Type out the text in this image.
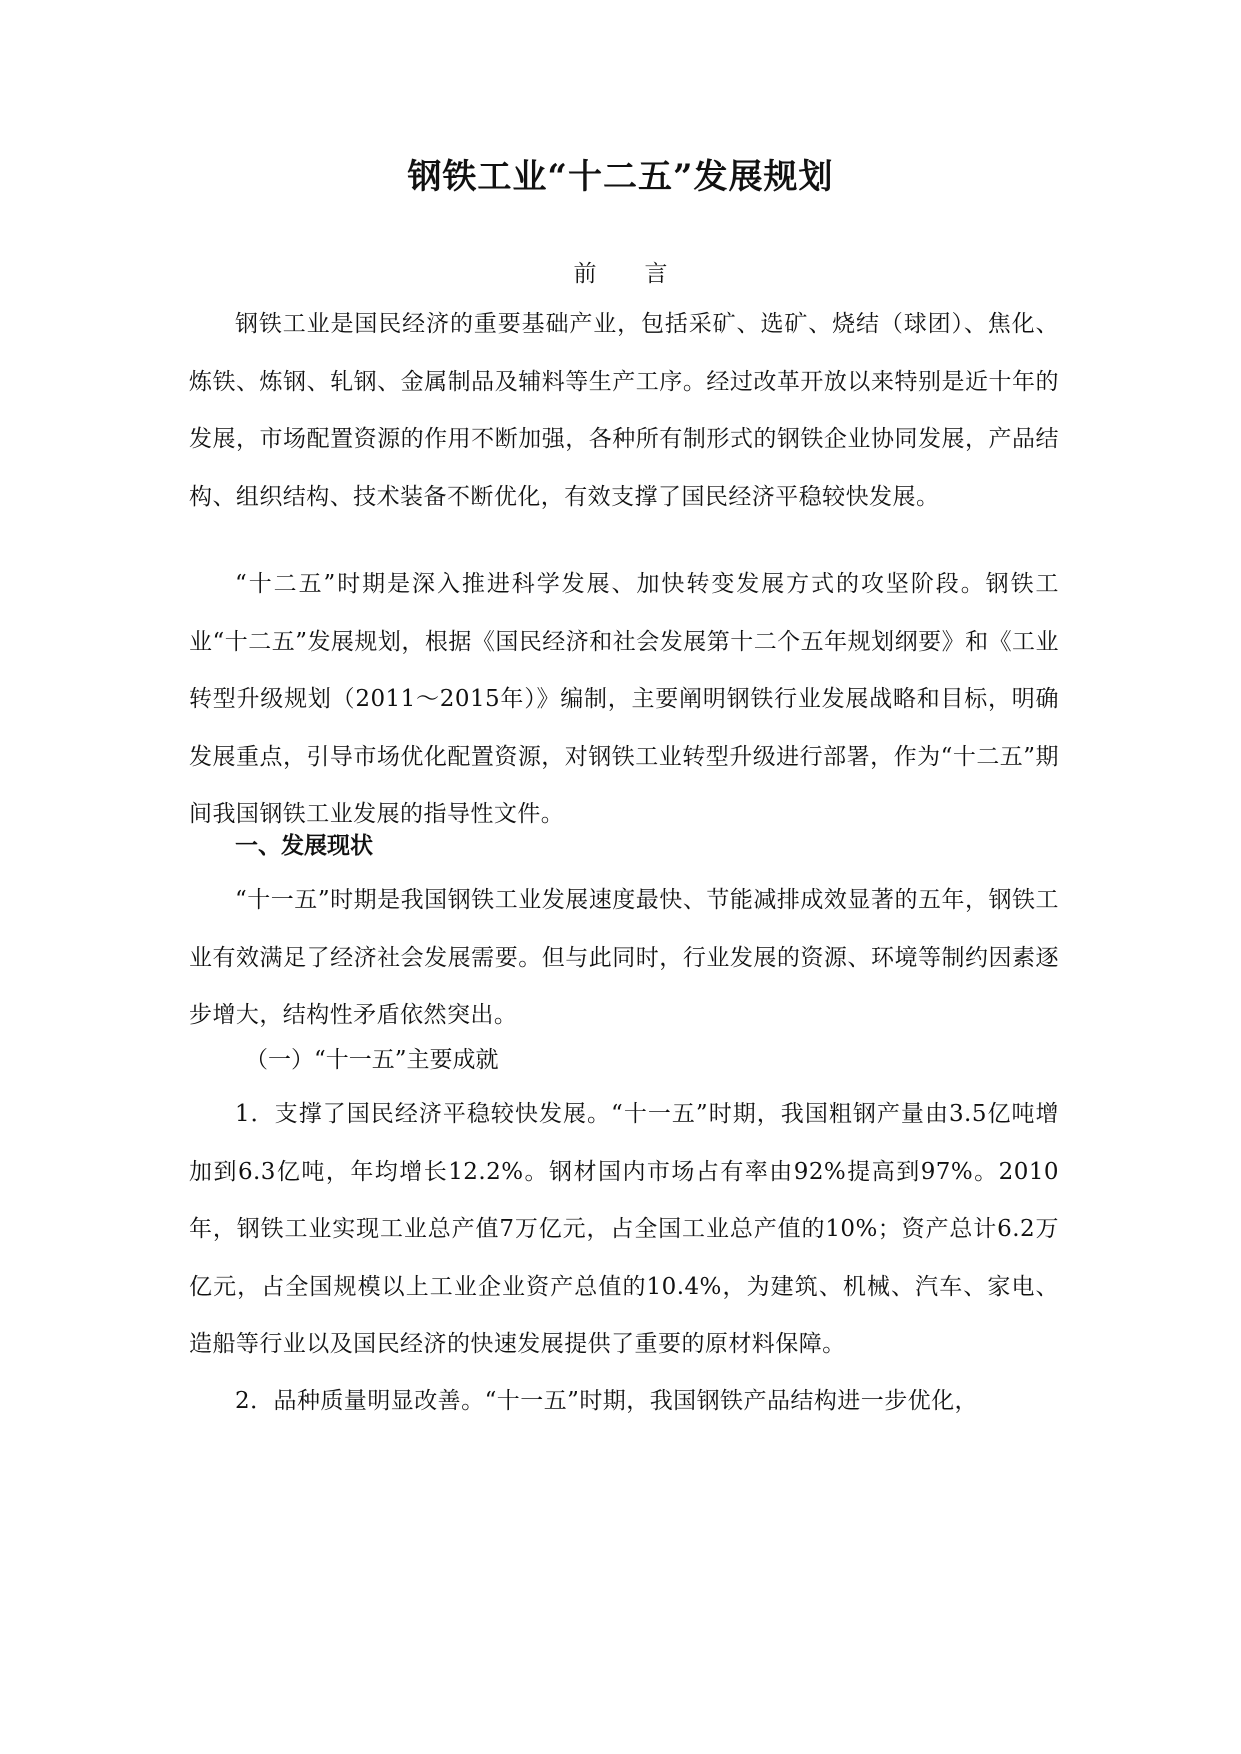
钢铁工业“十二五”发展规划
前言

钢铁工业是国民经济的重要基础产业，包括采矿、选矿、烧结（球团）、焦化、炼铁、炼钢、轧钢、金属制品及辅料等生产工序。经过改革开放以来特别是近十年的发展，市场配置资源的作用不断加强，各种所有制形式的钢铁企业协同发展，产品结构、组织结构、技术装备不断优化，有效支撑了国民经济平稳较快发展。

“十二五”时期是深入推进科学发展、加快转变发展方式的攻坚阶段。钢铁工业“十二五”发展规划，根据《国民经济和社会发展第十二个五年规划纲要》和《工业转型升级规划（2011～2015年）》编制，主要阐明钢铁行业发展战略和目标，明确发展重点，引导市场优化配置资源，对钢铁工业转型升级进行部署，作为“十二五”期间我国钢铁工业发展的指导性文件。

一、发展现状

“十一五”时期是我国钢铁工业发展速度最快、节能减排成效显著的五年，钢铁工业有效满足了经济社会发展需要。但与此同时，行业发展的资源、环境等制约因素逐步增大，结构性矛盾依然突出。

（一）“十一五”主要成就

1．支撑了国民经济平稳较快发展。“十一五”时期，我国粗钢产量由3.5亿吨增加到6.3亿吨，年均增长12.2%。钢材国内市场占有率由92%提高到97%。2010年，钢铁工业实现工业总产值7万亿元，占全国工业总产值的10%；资产总计6.2万亿元，占全国规模以上工业企业资产总值的10.4%，为建筑、机械、汽车、家电、造船等行业以及国民经济的快速发展提供了重要的原材料保障。

2．品种质量明显改善。“十一五”时期，我国钢铁产品结构进一步优化，
